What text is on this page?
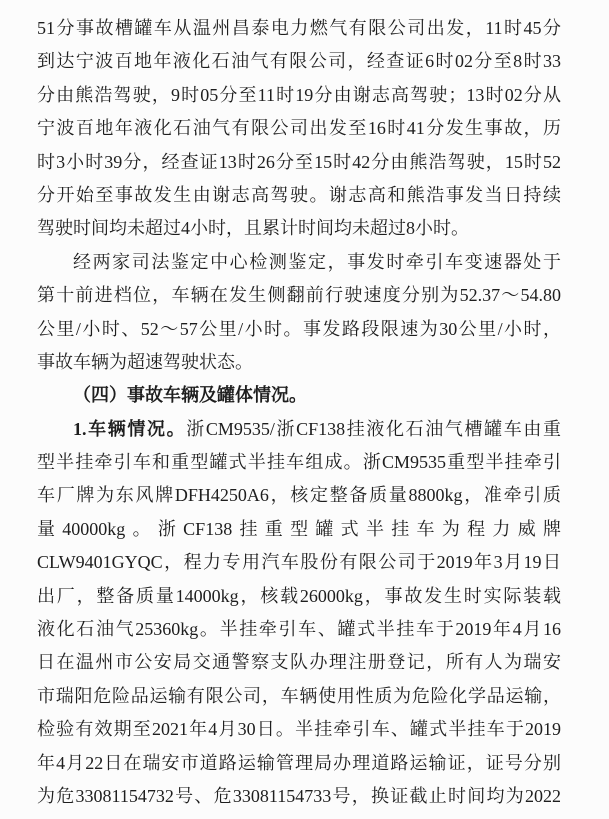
51分事故槽罐车从温州昌泰电力燃气有限公司出发，11时45分
到达宁波百地年液化石油气有限公司，经查证6时02分至8时33
分由熊浩驾驶，9时05分至11时19分由谢志高驾驶；13时02分从
宁波百地年液化石油气有限公司出发至16时41分发生事故，历
时3小时39分，经查证13时26分至15时42分由熊浩驾驶，15时52
分开始至事故发生由谢志高驾驶。谢志高和熊浩事发当日持续
驾驶时间均未超过4小时，且累计时间均未超过8小时。
经两家司法鉴定中心检测鉴定，事发时牵引车变速器处于
第十前进档位，车辆在发生侧翻前行驶速度分别为52.37～54.80
公里/小时、52～57公里/小时。事发路段限速为30公里/小时，
事故车辆为超速驾驶状态。
（四）事故车辆及罐体情况。
1.车辆情况。浙CM9535/浙CF138挂液化石油气槽罐车由重
型半挂牵引车和重型罐式半挂车组成。浙CM9535重型半挂牵引
车厂牌为东风牌DFH4250A6，核定整备质量8800kg，准牵引质
量40000kg。浙CF138挂重型罐式半挂车为程力威牌
CLW9401GYQC，程力专用汽车股份有限公司于2019年3月19日
出厂，整备质量14000kg，核载26000kg，事故发生时实际装载
液化石油气25360kg。半挂牵引车、罐式半挂车于2019年4月16
日在温州市公安局交通警察支队办理注册登记，所有人为瑞安
市瑞阳危险品运输有限公司，车辆使用性质为危险化学品运输，
检验有效期至2021年4月30日。半挂牵引车、罐式半挂车于2019
年4月22日在瑞安市道路运输管理局办理道路运输证，证号分别
为危33081154732号、危33081154733号，换证截止时间均为2022
